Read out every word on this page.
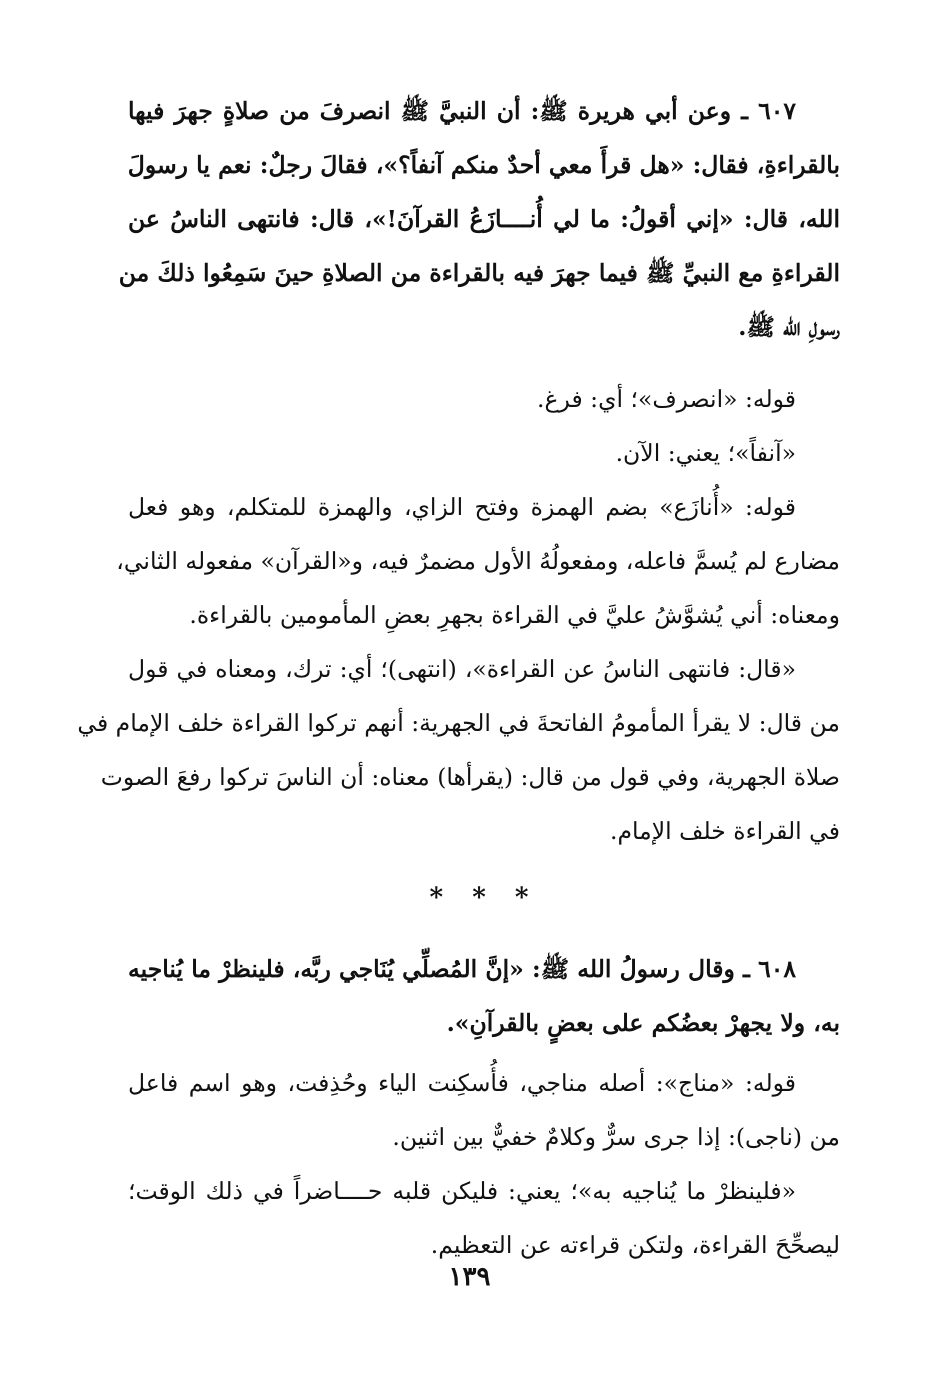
٦٠٧ ـ وعن أبي هريرة ﷺ: أن النبيَّ ﷺ انصرفَ من صلاةٍ جهرَ فيها
بالقراءةِ، فقال: «هل قرأَ معي أحدٌ منكم آنفاً؟»، فقالَ رجلٌ: نعم يا رسولَ
الله، قال: «إني أقولُ: ما لي أُنــــازَعُ القرآنَ!»، قال: فانتهى الناسُ عن
القراءةِ مع النبيِّ ﷺ فيما جهرَ فيه بالقراءة من الصلاةِ حينَ سَمِعُوا ذلكَ من
رسولِ الله ﷺ.
قوله: «انصرف»؛ أي: فرغ.
«آنفاً»؛ يعني: الآن.
قوله: «أُنازَع» بضم الهمزة وفتح الزاي، والهمزة للمتكلم، وهو فعل
مضارع لم يُسمَّ فاعله، ومفعولُهُ الأول مضمرٌ فيه، و«القرآن» مفعوله الثاني،
ومعناه: أني يُشوَّشُ عليَّ في القراءة بجهرِ بعضِ المأمومين بالقراءة.
«قال: فانتهى الناسُ عن القراءة»، (انتهى)؛ أي: ترك، ومعناه في قول
من قال: لا يقرأ المأمومُ الفاتحةَ في الجهرية: أنهم تركوا القراءة خلف الإمام في
صلاة الجهرية، وفي قول من قال: (يقرأها) معناه: أن الناسَ تركوا رفعَ الصوت
في القراءة خلف الإمام.
* * *
٦٠٨ ـ وقال رسولُ الله ﷺ: «إنَّ المُصلِّي يُنَاجي ربَّه، فلينظرْ ما يُناجيه
به، ولا يجهرْ بعضُكم على بعضٍ بالقرآنِ».
قوله: «مناج»: أصله مناجي، فأُسكِنت الياء وحُذِفت، وهو اسم فاعل
من (ناجى): إذا جرى سرٌّ وكلامٌ خفيٌّ بين اثنين.
«فلينظرْ ما يُناجيه به»؛ يعني: فليكن قلبه حــــاضراً في ذلك الوقت؛
ليصحِّحَ القراءة، ولتكن قراءته عن التعظيم.
١٣٩
